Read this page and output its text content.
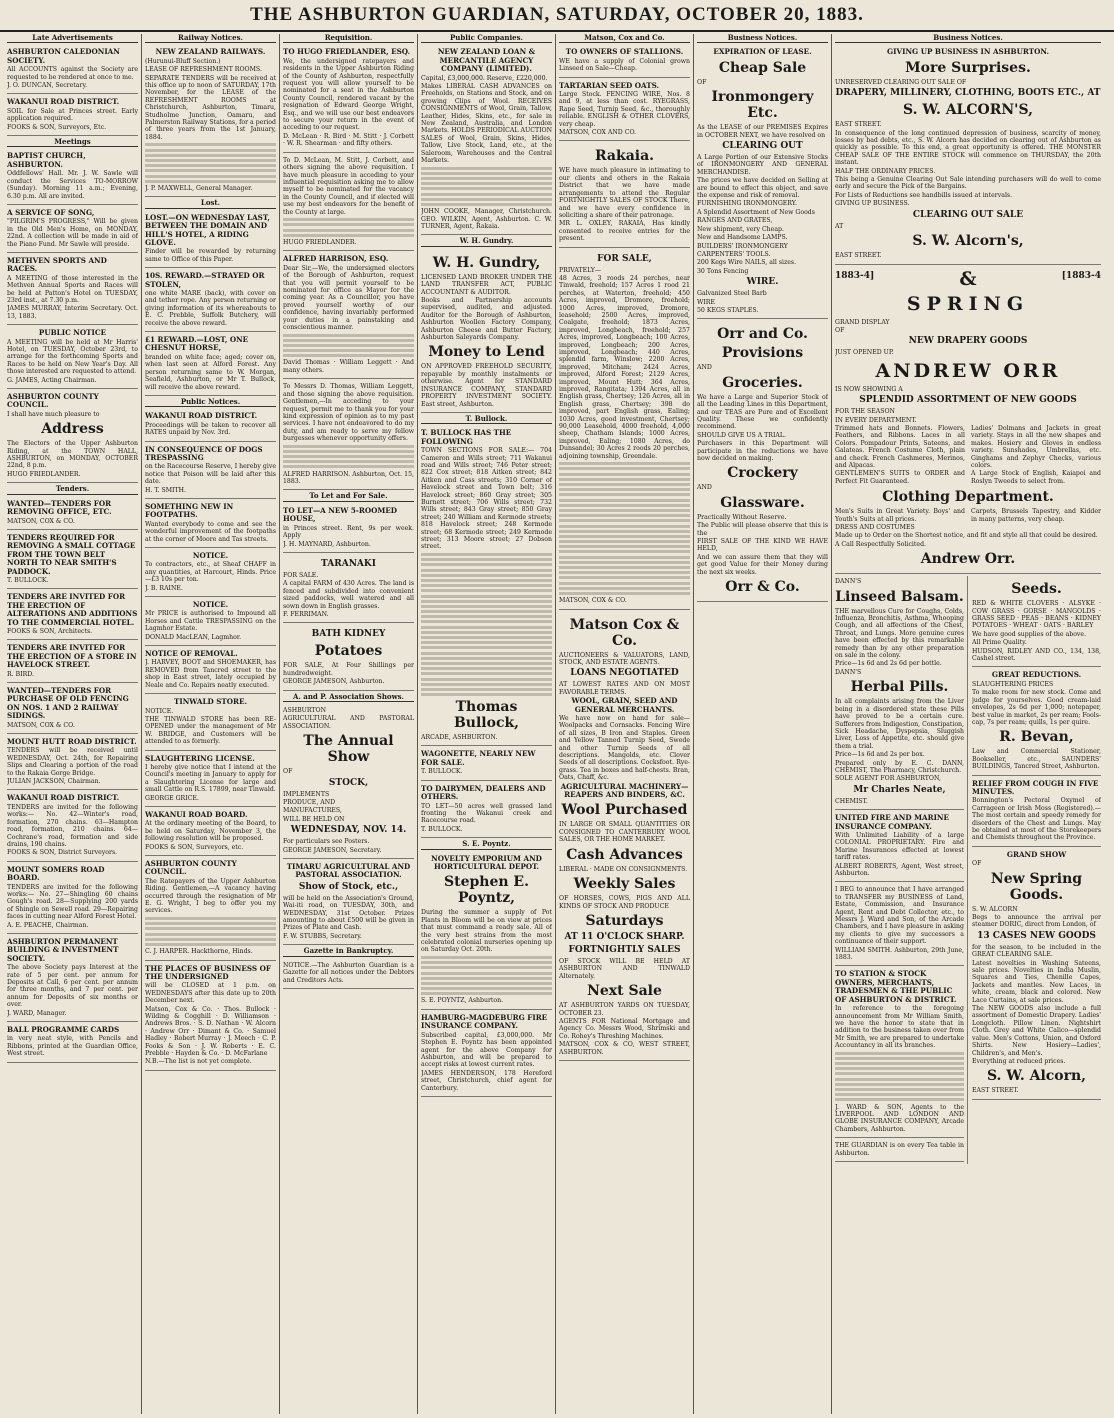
THE ASHBURTON GUARDIAN, SATURDAY, OCTOBER 20, 1883.
Late Advertisements
ASHBURTON CALEDONIAN SOCIETY.

All ACCOUNTS against the Society are requested to be rendered at once to me.

J. O. DUNCAN, Secretary.

WAKANUI ROAD DISTRICT.

SOIL for Sale at Princes street. Early application required.

FOOKS & SON, Surveyors, Etc.

Meetings
BAPTIST CHURCH, ASHBURTON.

Oddfellows' Hall. Mr. J. W. Sawle will conduct the Services TO-MORROW (Sunday). Morning 11 a.m.; Evening, 6.30 p.m. All are invited.

A SERVICE OF SONG,

"PILGRIM'S PROGRESS," Will be given in the Old Men's Home, on MONDAY, 22nd. A collection will be made in aid of the Piano Fund. Mr Sawle will preside.

METHVEN SPORTS AND RACES.

A MEETING of those interested in the Methven Annual Sports and Races will be held at Patton's Hotel on TUESDAY, 23rd inst., at 7.30 p.m.

JAMES MURRAY, Interim Secretary. Oct. 13, 1883.

PUBLIC NOTICE

A MEETING will be held at Mr Harris' Hotel, on TUESDAY, October 23rd, to arrange for the forthcoming Sports and Races to be held on New Year's Day. All those interested are requested to attend.

G. JAMES, Acting Chairman.

ASHBURTON COUNTY COUNCIL.

I shall have much pleasure to

Address

The Electors of the Upper Ashburton Riding, at the TOWN HALL, ASHBURTON, on MONDAY, OCTOBER 22nd, 8 p.m.

HUGO FRIEDLANDER.

Tenders.
WANTED—TENDERS FOR REMOVING OFFICE, ETC.

MATSON, COX & CO.

TENDERS REQUIRED FOR REMOVING A SMALL COTTAGE FROM THE TOWN BELT NORTH TO NEAR SMITH'S PADDOCK.

T. BULLOCK.

TENDERS ARE INVITED FOR THE ERECTION OF ALTERATIONS AND ADDITIONS TO THE COMMERCIAL HOTEL.

FOOKS & SON, Architects.

TENDERS ARE INVITED FOR THE ERECTION OF A STORE IN HAVELOCK STREET.

R. BIRD.

WANTED—TENDERS FOR PURCHASE OF OLD FENCING ON NOS. 1 AND 2 RAILWAY SIDINGS.

MATSON, COX & CO.

MOUNT HUTT ROAD DISTRICT.

TENDERS will be received until WEDNESDAY, Oct. 24th, for Repairing Slips and Clearing a portion of the road to the Rakaia Gorge Bridge.

JULIAN JACKSON, Chairman.

WAKANUI ROAD DISTRICT.

TENDERS are invited for the following works:— No. 42—Winter's road, formation, 270 chains. 63—Hampton road, formation, 210 chains. 64—Cochrane's road, formation and side drains, 190 chains.

FOOKS & SON, District Surveyors.

MOUNT SOMERS ROAD BOARD.

TENDERS are invited for the following works:— No. 27—Shingling 60 chains Gough's road. 28—Supplying 200 yards of Shingle on Sewell road. 29—Repairing faces in cutting near Alford Forest Hotel.

A. E. PEACHE, Chairman.

ASHBURTON PERMANENT BUILDING & INVESTMENT SOCIETY.

The above Society pays Interest at the rate of 5 per cent. per annum for Deposits at Call, 6 per cent. per annum for three months, and 7 per cent. per annum for Deposits of six months or over.

J. WARD, Manager.

BALL PROGRAMME CARDS

in very neat style, with Pencils and Ribbons, printed at the Guardian Office, West street.

Railway Notices.
NEW ZEALAND RAILWAYS.

(Hurunui-Bluff Section.)

LEASE OF REFRESHMENT ROOMS.

SEPARATE TENDERS will be received at this office up to noon of SATURDAY, 17th November, for the LEASE of the REFRESHMENT ROOMS at Christchurch, Ashburton, Timaru, Studholme Junction, Oamaru, and Palmerston Railway Stations, for a period of three years from the 1st January, 1884.

J. P. MAXWELL, General Manager.

Lost.
LOST.—ON WEDNESDAY LAST, BETWEEN THE DOMAIN AND HILL'S HOTEL, A RIDING GLOVE.

Finder will be rewarded by returning same to Office of this Paper.

10S. REWARD.—STRAYED OR STOLEN,

one white MARE (back), with cover on and tether rope. Any person returning or giving information of its whereabouts to E. C. Prebble, Suffolk Butchery, will receive the above reward.

£1 REWARD.—LOST, ONE CHESNUT HORSE,

branded on white face; aged; cover on, when last seen at Alford Forest. Any person returning same to W. Morgan, Seafield, Ashburton, or Mr T. Bullock, will receive the above reward.

Public Notices.
WAKANUI ROAD DISTRICT.

Proceedings will be taken to recover all RATES unpaid by Nov. 3rd.

IN CONSEQUENCE OF DOGS TRESPASSING

on the Racecourse Reserve, I hereby give notice that Poison will be laid after this date.

H. T. SMITH.

SOMETHING NEW IN FOOTPATHS.

Wanted everybody to come and see the wonderful improvement of the footpaths at the corner of Moore and Tas streets.

NOTICE.

To contractors, etc., at Sheaf CHAFF in any quantities, at Harcourt, Hinds. Price—£3 10s per ton.

J. B. RAINE.

NOTICE.

Mr PRICE is authorised to Impound all Horses and Cattle TRESPASSING on the Lagmhor Estate.

DONALD MacLEAN, Lagmhor.

NOTICE OF REMOVAL.

J. HARVEY, BOOT and SHOEMAKER, has REMOVED from Tancred street to the shop in East street, lately occupied by Neale and Co. Repairs neatly executed.

TINWALD STORE.

NOTICE.

THE TINWALD STORE has been RE-OPENED under the management of Mr W. BRIDGE, and Customers will be attended to as formerly.

SLAUGHTERING LICENSE.

I hereby give notice that I intend at the Council's meeting in January to apply for a Slaughtering License for large and small Cattle on R.S. 17899, near Tinwald.

GEORGE GRICE.

WAKANUI ROAD BOARD.

At the ordinary meeting of the Board, to be held on Saturday, November 3, the following resolution will be proposed.

FOOKS & SON, Surveyors, etc.

ASHBURTON COUNTY COUNCIL.

The Ratepayers of the Upper Ashburton Riding. Gentlemen,—A vacancy having occurred through the resignation of Mr E. G. Wright, I beg to offer you my services.

C. J. HARPER. Hackthorne, Hinds.

THE PLACES OF BUSINESS OF THE UNDERSIGNED

will be CLOSED at 1 p.m. on WEDNESDAYS after this date up to 20th December next.

Matson, Cox & Co. · Thos. Bullock · Wilding & Cogghill · D. Williamson · Andrews Bros. · S. D. Nathan · W. Alcorn · Andrew Orr · Dimant & Co. · Samuel Hadley · Robert Murray · J. Meech · C. P. Fooks & Son · J. W. Roberts · E. C. Prebble · Hayden & Co. · D. McFarlane

N.B.—The list is not yet complete.

Requisition.
TO HUGO FRIEDLANDER, ESQ.

We, the undersigned ratepayers and residents in the Upper Ashburton Riding of the County of Ashburton, respectfully request you will allow yourself to be nominated for a seat in the Ashburton County Council, rendered vacant by the resignation of Edward George Wright, Esq., and we will use our best endeavors to secure your return in the event of acceding to our request.

D. McLean · R. Bird · M. Stitt · J. Corbett · W. R. Shearman · and fifty others.

To D. McLean, M. Stitt, J. Corbett, and others signing the above requisition. I have much pleasure in acceding to your influential requisition asking me to allow myself to be nominated for the vacancy in the County Council, and if elected will use my best endeavors for the benefit of the County at large.

HUGO FRIEDLANDER.

ALFRED HARRISON, ESQ.

Dear Sir,—We, the undersigned electors of the Borough of Ashburton, request that you will permit yourself to be nominated for office as Mayor for the coming year. As a Councillor, you have proved yourself worthy of our confidence, having invariably performed your duties in a painstaking and conscientious manner.

David Thomas · William Leggett · And many others.

To Messrs D. Thomas, William Leggett, and those signing the above requisition. Gentlemen,—In acceding to your request, permit me to thank you for your kind expression of opinion as to my past services. I have not endeavored to do my duty, and am ready to serve my fellow burgesses whenever opportunity offers.

ALFRED HARRISON. Ashburton, Oct. 15, 1883.

To Let and For Sale.
TO LET—A NEW 5-ROOMED HOUSE,

in Princes street. Rent, 9s per week. Apply

J. H. MAYNARD, Ashburton.

TARANAKI

FOR SALE.

A capital FARM of 430 Acres. The land is fenced and subdivided into convenient sized paddocks, well watered and all sown down in English grasses.

F. FERRIMAN.

BATH KIDNEY
Potatoes

FOR SALE, At Four Shillings per hundredweight.

GEORGE JAMESON, Ashburton.

A. and P. Association Shows.

ASHBURTON

AGRICULTURAL AND PASTORAL ASSOCIATION.

The Annual Show

OF

STOCK,

IMPLEMENTS

PRODUCE, AND

MANUFACTURES,

WILL BE HELD ON

WEDNESDAY, NOV. 14.

For particulars see Posters.

GEORGE JAMESON, Secretary.

TIMARU AGRICULTURAL AND PASTORAL ASSOCIATION.
Show of Stock, etc.,

will be held on the Association's Ground, Wai-iti road, on TUESDAY, 30th, and WEDNESDAY, 31st October. Prizes amounting to about £500 will be given in Prizes of Plate and Cash.

F. W. STUBBS, Secretary.

Gazette in Bankruptcy.

NOTICE.—The Ashburton Guardian is a Gazette for all notices under the Debtors and Creditors Acts.

Public Companies.
NEW ZEALAND LOAN & MERCANTILE AGENCY COMPANY (LIMITED).

Capital, £3,000,000. Reserve, £220,000.

Makes LIBERAL CASH ADVANCES on Freeholds, on Stations and Stock, and on growing Clips of Wool. RECEIVES CONSIGNMENTS of Wool, Grain, Tallow, Leather, Hides, Skins, etc., for sale in New Zealand, Australia, and London Markets. HOLDS PERIODICAL AUCTION SALES of Wool, Grain, Skins, Hides, Tallow, Live Stock, Land, etc., at the Saleroom, Warehouses and the Central Markets.

JOHN COOKE, Manager, Christchurch. GEO. WILKIN, Agent, Ashburton. C. W. TURNER, Agent, Rakaia.

W. H. Gundry.
W. H. Gundry,

LICENSED LAND BROKER UNDER THE LAND TRANSFER ACT, PUBLIC ACCOUNTANT & AUDITOR.

Books and Partnership accounts supervised, audited, and adjusted. Auditor for the Borough of Ashburton, Ashburton Woollen Factory Company, Ashburton Cheese and Butter Factory, Ashburton Saleyards Company.

Money to Lend

ON APPROVED FREEHOLD SECURITY, repayable by monthly instalments or otherwise. Agent for STANDARD INSURANCE COMPANY, STANDARD PROPERTY INVESTMENT SOCIETY. East street, Ashburton.

T. Bullock.
T. BULLOCK HAS THE FOLLOWING

TOWN SECTIONS FOR SALE:— 704 Cameron and Wills street; 711 Wakanui road and Wills street; 746 Peter street; 822 Cox street; 818 Aitken street; 842 Aitken and Cass streets; 310 Corner of Havelock street and Town belt; 316 Havelock street; 860 Gray street; 305 Burnett street; 706 Wills street; 732 Wills street; 843 Gray street; 850 Gray street; 240 William and Kermode streets; 818 Havelock street; 248 Kermode street; 68 Kermode street; 249 Kermode street; 313 Moore street; 27 Dobson street.

Thomas Bullock,

ARCADE, ASHBURTON.

WAGONETTE, NEARLY NEW FOR SALE.

T. BULLOCK.

TO DAIRYMEN, DEALERS AND OTHERS.

TO LET—50 acres well grassed land fronting the Wakanui creek and Racecourse road.

T. BULLOCK.

S. E. Poyntz.
NOVELTY EMPORIUM AND HORTICULTURAL DEPOT.
Stephen E. Poyntz,

During the summer a supply of Pot Plants in Bloom will be on view at prices that must command a ready sale. All of the very best strains from the most celebrated colonial nurseries opening up on Saturday Oct. 20th.

S. E. POYNTZ, Ashburton.

HAMBURG-MAGDEBURG FIRE INSURANCE COMPANY.

Subscribed capital, £3,000,000. Mr Stephen E. Poyntz has been appointed agent for the above Company for Ashburton, and will be prepared to accept risks at lowest current rates.

JAMES HENDERSON, 178 Hereford street, Christchurch, chief agent for Canterbury.

Matson, Cox and Co.
TO OWNERS OF STALLIONS.

WE have a supply of Colonial grown Linseed on Sale—Cheap.

TARTARIAN SEED OATS.

Large Stock. FENCING WIRE, Nos. 8 and 9, at less than cost. RYEGRASS, Rape Seed, Turnip Seed, &c., thoroughly reliable. ENGLISH & OTHER CLOVERS, very cheap.

MATSON, COX AND CO.

Rakaia.

WE have much pleasure in intimating to our clients and others in the Rakaia District that we have made arrangements to attend the Regular FORTNIGHTLY SALES OF STOCK There, and we have every confidence in soliciting a share of their patronage.

MR L. OXLEY, RAKAIA, Has kindly consented to receive entries for the present.

FOR SALE,

PRIVATELY—

48 Acres, 3 roods 24 perches, near Tinwald, freehold; 157 Acres 1 rood 21 perches, at Waterton, freehold; 450 Acres, improved, Dromore, freehold; 1000 Acres, improved, Dromore, leasehold; 2500 Acres, improved, Coalgate, freehold; 1873 Acres, improved, Longbeach, freehold; 257 Acres, improved, Longbeach; 100 Acres, improved, Longbeach; 200 Acres, improved, Longbeach; 440 Acres, splendid farm, Winslow; 2200 Acres, improved, Mitcham; 2424 Acres, improved, Alford Forest; 2129 Acres, improved, Mount Hutt; 364 Acres, improved, Rangitata; 1394 Acres, all in English grass, Chertsey; 126 Acres, all in English grass, Chertsey; 398 do improved, part English grass, Ealing; 1030 Acres, good investment, Chertsey; 90,000 Leasehold, 4000 freehold, 4,000 sheep, Chatham Islands; 1000 Acres, improved, Ealing; 1080 Acres, do Dunsandel; 30 Acres 2 roods 20 perches, adjoining township, Greendale.

MATSON, COX & CO.

Matson Cox & Co.

AUCTIONEERS & VALUATORS, LAND, STOCK, AND ESTATE AGENTS.

LOANS NEGOTIATED

AT LOWEST RATES AND ON MOST FAVORABLE TERMS.

WOOL, GRAIN, SEED AND GENERAL MERCHANTS.

We have now on hand for sale— Woolpacks and Cornsacks. Fencing Wire of all sizes, B Iron and Staples. Green and Yellow Tanned Turnip Seed, Swede and other Turnip Seeds of all descriptions. Mangolds, etc. Clover Seeds of all descriptions. Cocksfoot. Rye-grass. Tea in boxes and half-chests. Bran, Oats, Chaff, &c.

AGRICULTURAL MACHINERY—REAPERS AND BINDERS, &C.
Wool Purchased

IN LARGE OR SMALL QUANTITIES OR CONSIGNED TO CANTERBURY WOOL SALES, OR THE HOME MARKET.

Cash Advances

LIBERAL · MADE ON CONSIGNMENTS.

Weekly Sales

OF HORSES, COWS, PIGS AND ALL KINDS OF STOCK AND PRODUCE

Saturdays
AT 11 O'CLOCK SHARP.
FORTNIGHTLY SALES

OF STOCK WILL BE HELD AT ASHBURTON AND TINWALD Alternately.

Next Sale

AT ASHBURTON YARDS ON TUESDAY, OCTOBER 23.

AGENTS FOR National Mortgage and Agency Co. Messrs Wood, Shrimski and Co. Rohey's Threshing Machines.

MATSON, COX & CO, WEST STREET, ASHBURTON.

Business Notices.
EXPIRATION OF LEASE.
Cheap Sale

OF

Ironmongery Etc.

As the LEASE of our PREMISES Expires in OCTOBER NEXT, we have resolved on

CLEARING OUT

A Large Portion of our Extensive Stocks of IRONMONGERY AND GENERAL MERCHANDISE.

The prices we have decided on Selling at are bound to effect this object, and save the expense and risk of removal.

FURNISHING IRONMONGERY.

A Splendid Assortment of New Goods

RANGES AND GRATES,

New shipment, very Cheap.

New and Handsome LAMPS.

BUILDERS' IRONMONGERY

CARPENTERS' TOOLS.

200 Kegs Wire NAILS, all sizes.

30 Tons Fencing

WIRE.

Galvanized Steel Barb

WIRE

50 KEGS STAPLES.

Orr and Co.
Provisions

AND

Groceries.

We have a Large and Superior Stock of all the Leading Lines in this Department, and our TEAS are Pure and of Excellent Quality. These we confidently recommend.

SHOULD GIVE US A TRIAL.

Purchasers in this Department will participate in the reductions we have now decided on making.

Crockery

AND

Glassware.

Practically Without Reserve.

The Public will please observe that this is the

FIRST SALE OF THE KIND WE HAVE HELD,

And we can assure them that they will get good Value for their Money during the next six weeks.

Orr & Co.
Business Notices.
GIVING UP BUSINESS IN ASHBURTON.
More Surprises.

UNRESERVED CLEARING OUT SALE OF

DRAPERY, MILLINERY, CLOTHING, BOOTS ETC., AT
S. W. ALCORN'S,

EAST STREET.

In consequence of the long continued depression of business, scarcity of money, losses by bad debts, etc., S. W. Alcorn has decided on clearing out of Ashburton as quickly as possible. To this end, a great opportunity is offered. THE MONSTER CHEAP SALE OF THE ENTIRE STOCK will commence on THURSDAY, the 20th instant.

HALF THE ORDINARY PRICES.

This being a Genuine Clearing Out Sale intending purchasers will do well to come early and secure the Pick of the Bargains.

For Lists of Reductions see handbills issued at intervals.

GIVING UP BUSINESS.

CLEARING OUT SALE

AT

S. W. Alcorn's,

EAST STREET.

1883-4]	&	[1883-4
SPRING

GRAND DISPLAY

OF

NEW DRAPERY GOODS

JUST OPENED UP.

ANDREW ORR

IS NOW SHOWING A

SPLENDID ASSORTMENT OF NEW GOODS

FOR THE SEASON

IN EVERY DEPARTMENT.

Trimmed hats and Bonnets. Flowers, Feathers, and Ribbons. Laces in all Colors. Pompadour Prints, Sateens, and Galateas. French Costume Cloth, plain and check. French Cashmeres, Merinos, and Alpacas.

Ladies' Dolmans and Jackets in great variety. Stays in all the new shapes and makes. Hosiery and Gloves in endless variety. Sunshades, Umbrellas, etc. Ginghams and Zephyr Checks, various colors.

GENTLEMEN'S SUITS to ORDER and Perfect Fit Guaranteed.

A Large Stock of English, Kaiapoi and Roslyn Tweeds to select from.

Clothing Department.

Men's Suits in Great Variety. Boys' and Youth's Suits at all prices.

Carpets, Brussels Tapestry, and Kidder in many patterns, very cheap.

DRESS AND COSTUMES

Made up to Order on the Shortest notice, and fit and style all that could be desired.

A Call Respectfully Solicited.

Andrew Orr.

DANN'S

Linseed Balsam.

THE marvellous Cure for Coughs, Colds, Influenza, Bronchitis, Asthma, Whooping Cough, and all affections of the Chest, Throat, and Lungs. More genuine cures have been effected by this remarkable remedy than by any other preparation on sale in the colony.

Price—1s 6d and 2s 6d per bottle.

DANN'S

Herbal Pills.

In all complaints arising from the Liver being in a disordered state these Pills have proved to be a certain cure. Sufferers from Indigestion, Constipation, Sick Headache, Dyspepsia, Sluggish Liver, Loss of Appetite, etc. should give them a trial.

Price—1s 6d and 2s per box.

Prepared only by E. C. DANN, CHEMIST, The Pharmacy, Christchurch.

SOLE AGENT FOR ASHBURTON,

Mr Charles Neate,

CHEMIST.

UNITED FIRE AND MARINE INSURANCE COMPANY.

With Unlimited Liability of a large COLONIAL PROPRIETARY. Fire and Marine Insurances effected at lowest tariff rates.

ALBERT ROBERTS, Agent, West street, Ashburton.

I BEG to announce that I have arranged to TRANSFER my BUSINESS of Land, Estate, Commission, and Insurance Agent, Rent and Debt Collector, etc., to Messrs J. Ward and Son, of the Arcade Chambers, and I have pleasure in asking my clients to give my successors a continuance of their support.

WILLIAM SMITH. Ashburton, 29th June, 1883.

TO STATION & STOCK OWNERS, MERCHANTS, TRADESMEN & THE PUBLIC OF ASHBURTON & DISTRICT.

In reference to the foregoing announcement from Mr William Smith, we have the honor to state that in addition to the business taken over from Mr Smith, we are prepared to undertake Accountancy in all its branches.

J. WARD & SON, Agents to the LIVERPOOL AND LONDON AND GLOBE INSURANCE COMPANY, Arcade Chambers, Ashburton.

THE GUARDIAN is on every Tea table in Ashburton.

Seeds.

RED & WHITE CLOVERS · ALSYKE · COW GRASS · GORSE · MANGOLDS · GRASS SEED · PEAS · BEANS · KIDNEY POTATOES · WHEAT · OATS · BARLEY

We have good supplies of the above.

All Prime Quality.

HUDSON, RIDLEY AND CO., 134, 138, Cashel street.

GREAT REDUCTIONS.

SLAUGHTERING PRICES

To make room for new stock. Come and judge for yourselves. Good cream-laid envelopes, 2s 6d per 1,000; notepaper, best value in market, 2s per ream; Fools-cap, 7s per ream; quills, 1s per quire.

R. Bevan,

Law and Commercial Stationer, Bookseller, etc., SAUNDERS' BUILDINGS, Tancred Street, Ashburton.

RELIEF FROM COUGH IN FIVE MINUTES.

Bonnington's Pectoral Oxymel of Carrageen or Irish Moss (Registered).—The most certain and speedy remedy for disorders of the Chest and Lungs. May be obtained at most of the Storekeepers and Chemists throughout the Province.

GRAND SHOW

OF

New Spring Goods.

S. W. ALCORN

Begs to announce the arrival per steamer DORIC, direct from London, of

13 CASES NEW GOODS

for the season, to be included in the GREAT CLEARING SALE.

Latest novelties in Washing Sateens, sale prices. Novelties in India Muslin, Squares and Ties, Chenille Capes, Jackets and mantles. New Laces, in white, cream, black and colored. New Lace Curtains, at sale prices.

The NEW GOODS also include a full assortment of Domestic Drapery. Ladies' Longcloth. Pillow Linen. Nightshirt Cloth. Grey and White Calico—splendid value. Men's Cottons, Union, and Oxford Shirts. New Hosiery—Ladies', Children's, and Men's.

Everything at reduced prices.

S. W. Alcorn,

EAST STREET.
